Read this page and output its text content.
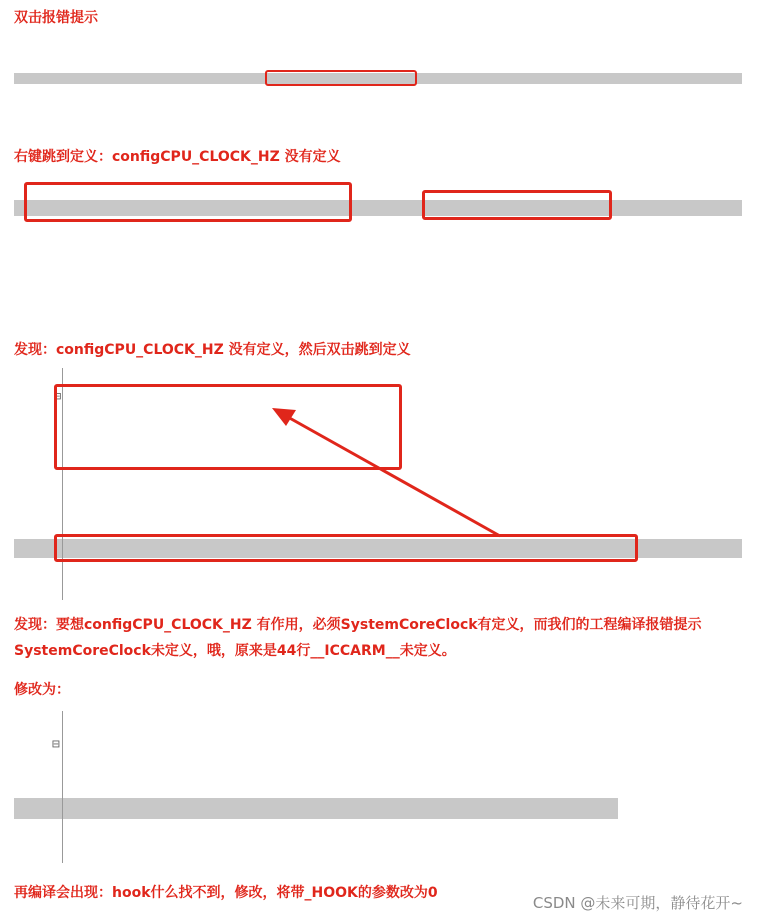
双击报错提示

右键跳到定义：configCPU_CLOCK_HZ 没有定义

发现：configCPU_CLOCK_HZ 没有定义，然后双击跳到定义

⊟

发现：要想configCPU_CLOCK_HZ 有作用，必须SystemCoreClock有定义，而我们的工程编译报错提示SystemCoreClock未定义，哦，原来是44行__ICCARM__未定义。
修改为：

⊟

再编译会出现：hook什么找不到，修改，将带_HOOK的参数改为0
CSDN @未来可期，静待花开~
